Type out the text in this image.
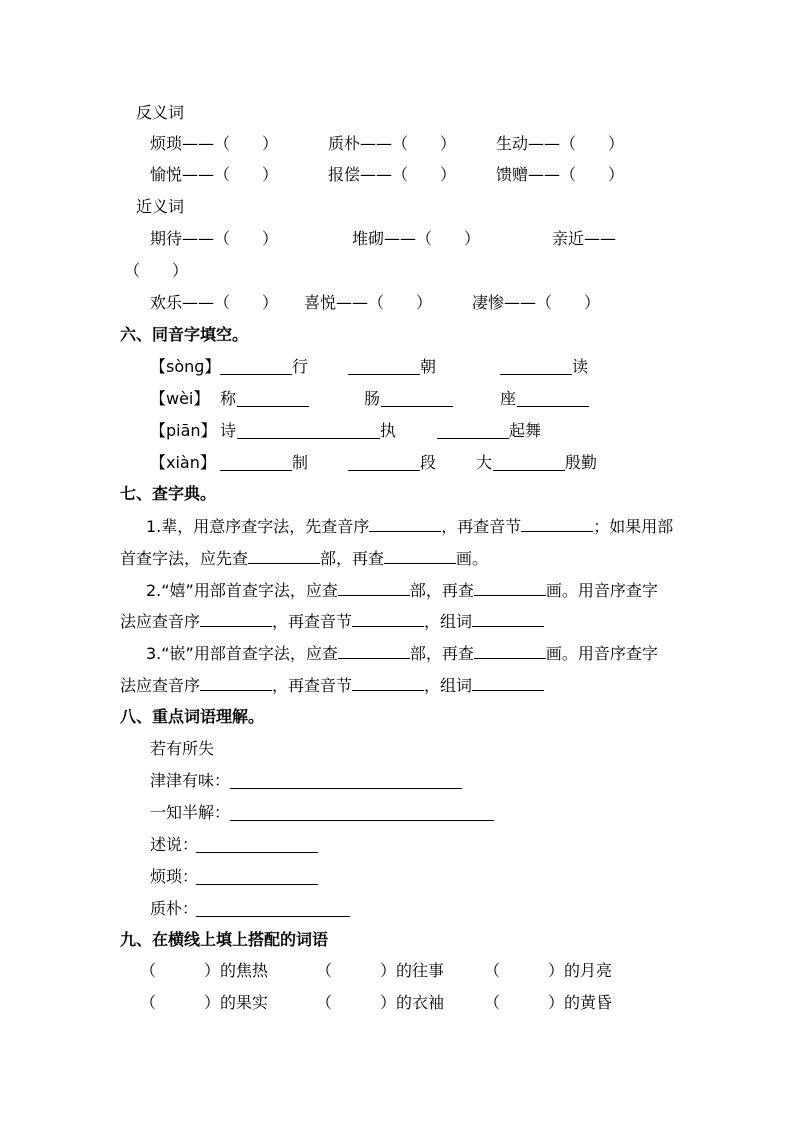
反义词
烦琐——（　　）	质朴——（　　） 生动——（　　）
愉悦——（　　）	报偿——（　　） 馈赠——（　　）
近义词
期待——（　　）	堆砌——（　　）	亲近——
（　　）
欢乐——（　　） 喜悦——（　　） 凄惨——（　　）
六、同音字填空。
【sònɡ】	行	朝	读
【wèi】 称	肠	座
【piān】 诗	执	起舞
【xiàn】	制	段 大	殷勤
七、查字典。
1.辈，用意序查字法，先查音序	，再查音节	；如果用部
首查字法，应先查	部，再查	画。
2.“嬉”用部首查字法，应查	部，再查	画。用音序查字
法应查音序	，再查音节	，组词
3.“嵌”用部首查字法，应查	部，再查	画。用音序查字
法应查音序	，再查音节	，组词
八、重点词语理解。
若有所失
津津有味：
一知半解：
述说：
烦琐：
质朴：
九、在横线上填上搭配的词语
（　　　）的焦热	（　　　）的往事 （　　　）的月亮
（　　　）的果实	（　　　）的衣袖 （　　　）的黄昏
